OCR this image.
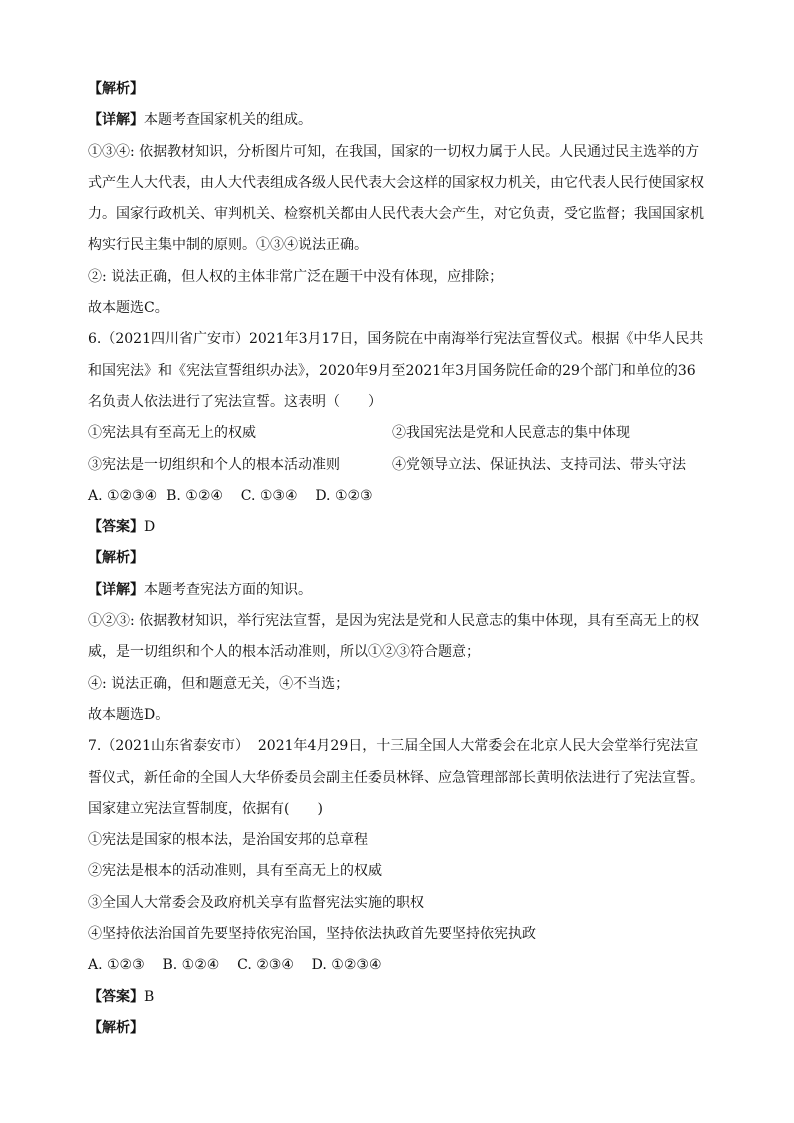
【解析】
【详解】本题考查国家机关的组成。
①③④: 依据教材知识，分析图片可知，在我国，国家的一切权力属于人民。人民通过民主选举的方
式产生人大代表，由人大代表组成各级人民代表大会这样的国家权力机关，由它代表人民行使国家权
力。国家行政机关、审判机关、检察机关都由人民代表大会产生，对它负责，受它监督；我国国家机
构实行民主集中制的原则。①③④说法正确。
②: 说法正确，但人权的主体非常广泛在题干中没有体现，应排除；
故本题选C。
6.（2021四川省广安市）2021年3月17日，国务院在中南海举行宪法宣誓仪式。根据《中华人民共
和国宪法》和《宪法宣誓组织办法》，2020年9月至2021年3月国务院任命的29个部门和单位的36
名负责人依法进行了宪法宣誓。这表明（　　）
①宪法具有至高无上的权威	②我国宪法是党和人民意志的集中体现
③宪法是一切组织和个人的根本活动准则	④党领导立法、保证执法、支持司法、带头守法
A. ①②③④  B. ①②④    C. ①③④    D. ①②③
【答案】D
【解析】
【详解】本题考查宪法方面的知识。
①②③: 依据教材知识，举行宪法宣誓，是因为宪法是党和人民意志的集中体现，具有至高无上的权
威，是一切组织和个人的根本活动准则，所以①②③符合题意；
④: 说法正确，但和题意无关，④不当选；
故本题选D。
7.（2021山东省泰安市）  2021年4月29日，十三届全国人大常委会在北京人民大会堂举行宪法宣
誓仪式，新任命的全国人大华侨委员会副主任委员林铎、应急管理部部长黄明依法进行了宪法宣誓。
国家建立宪法宣誓制度，依据有(　　)
①宪法是国家的根本法，是治国安邦的总章程
②宪法是根本的活动准则，具有至高无上的权威
③全国人大常委会及政府机关享有监督宪法实施的职权
④坚持依法治国首先要坚持依宪治国，坚持依法执政首先要坚持依宪执政
A. ①②③    B. ①②④    C. ②③④    D. ①②③④
【答案】B
【解析】
